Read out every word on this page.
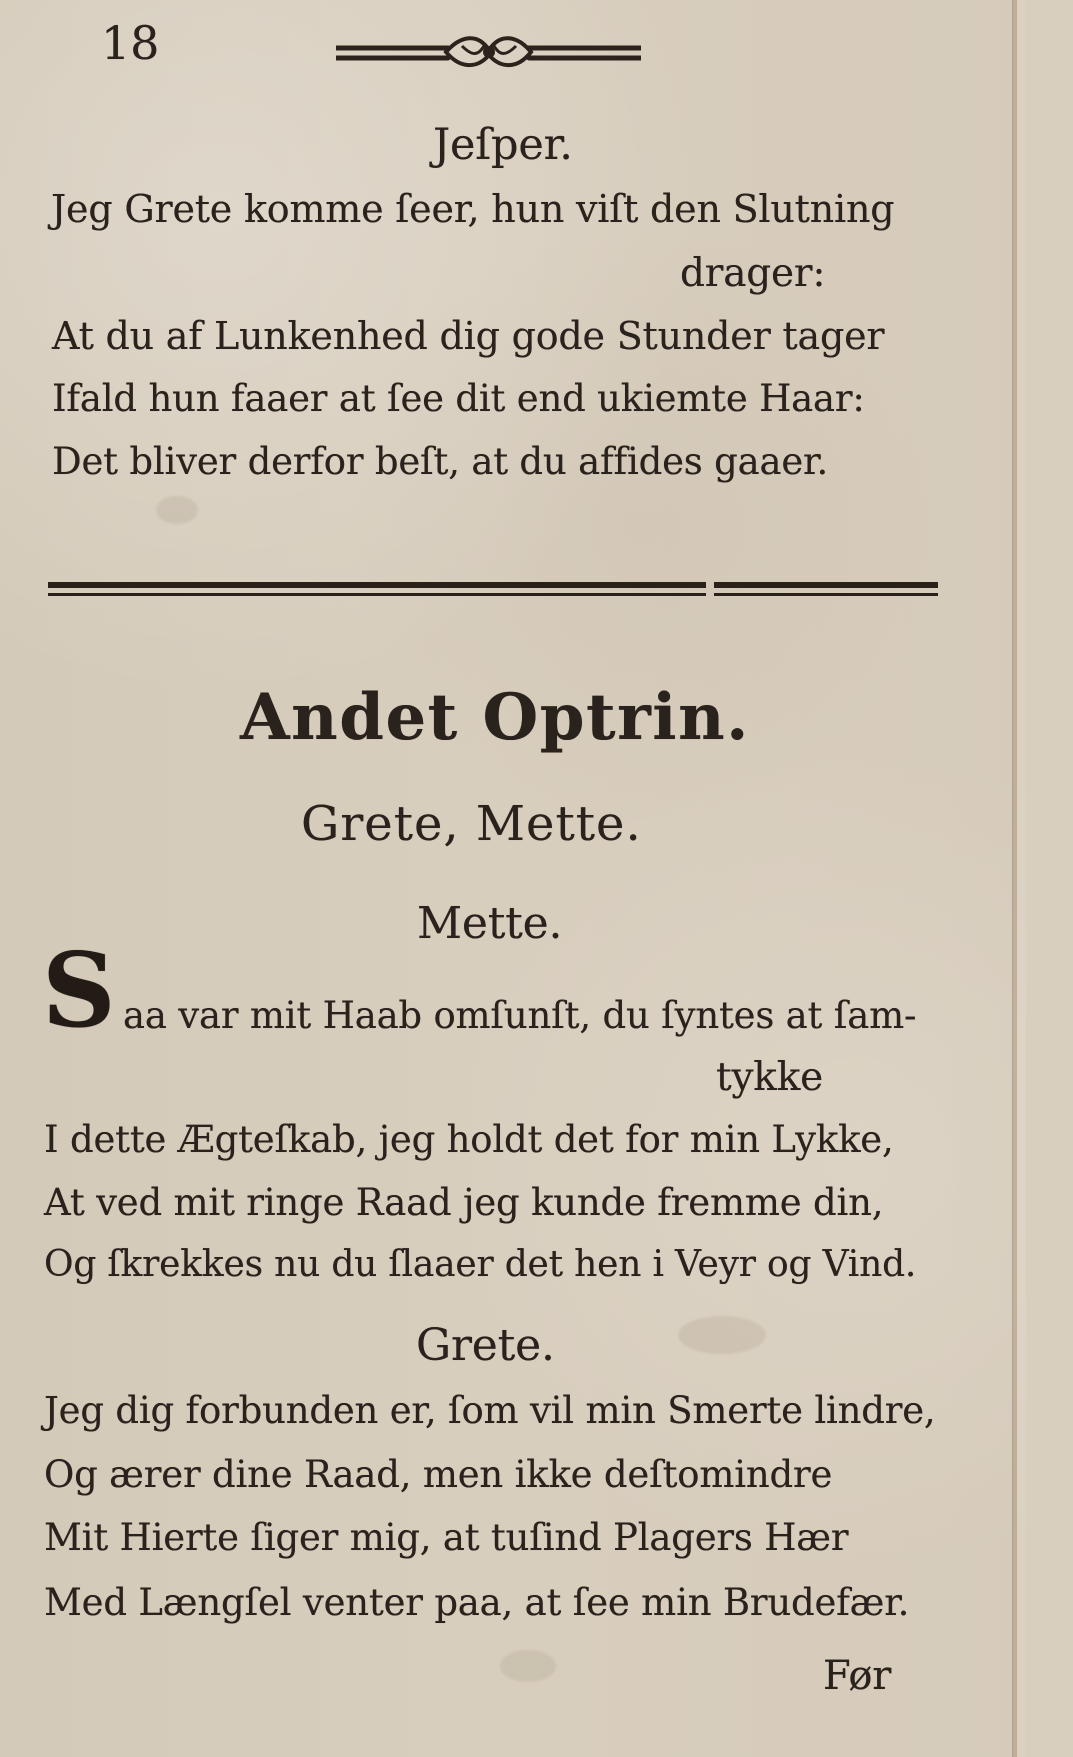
18
Jeſper.
Jeg Grete komme ſeer, hun viſt den Slutning
drager:
At du af Lunkenhed dig gode Stunder tager
Ifald hun faaer at ſee dit end ukiemte Haar:
Det bliver derfor beſt, at du affides gaaer.
Andet Optrin.
Grete, Mette.
Mette.
S aa var mit Haab omſunſt, du ſyntes at ſam-
tykke
I dette Ægteſkab, jeg holdt det for min Lykke,
At ved mit ringe Raad jeg kunde fremme din,
Og ſkrekkes nu du ſlaaer det hen i Veyr og Vind.
Grete.
Jeg dig forbunden er, ſom vil min Smerte lindre,
Og ærer dine Raad, men ikke deſtomindre
Mit Hierte ſiger mig, at tuſind Plagers Hær
Med Længſel venter paa, at ſee min Brudefær.
Før
